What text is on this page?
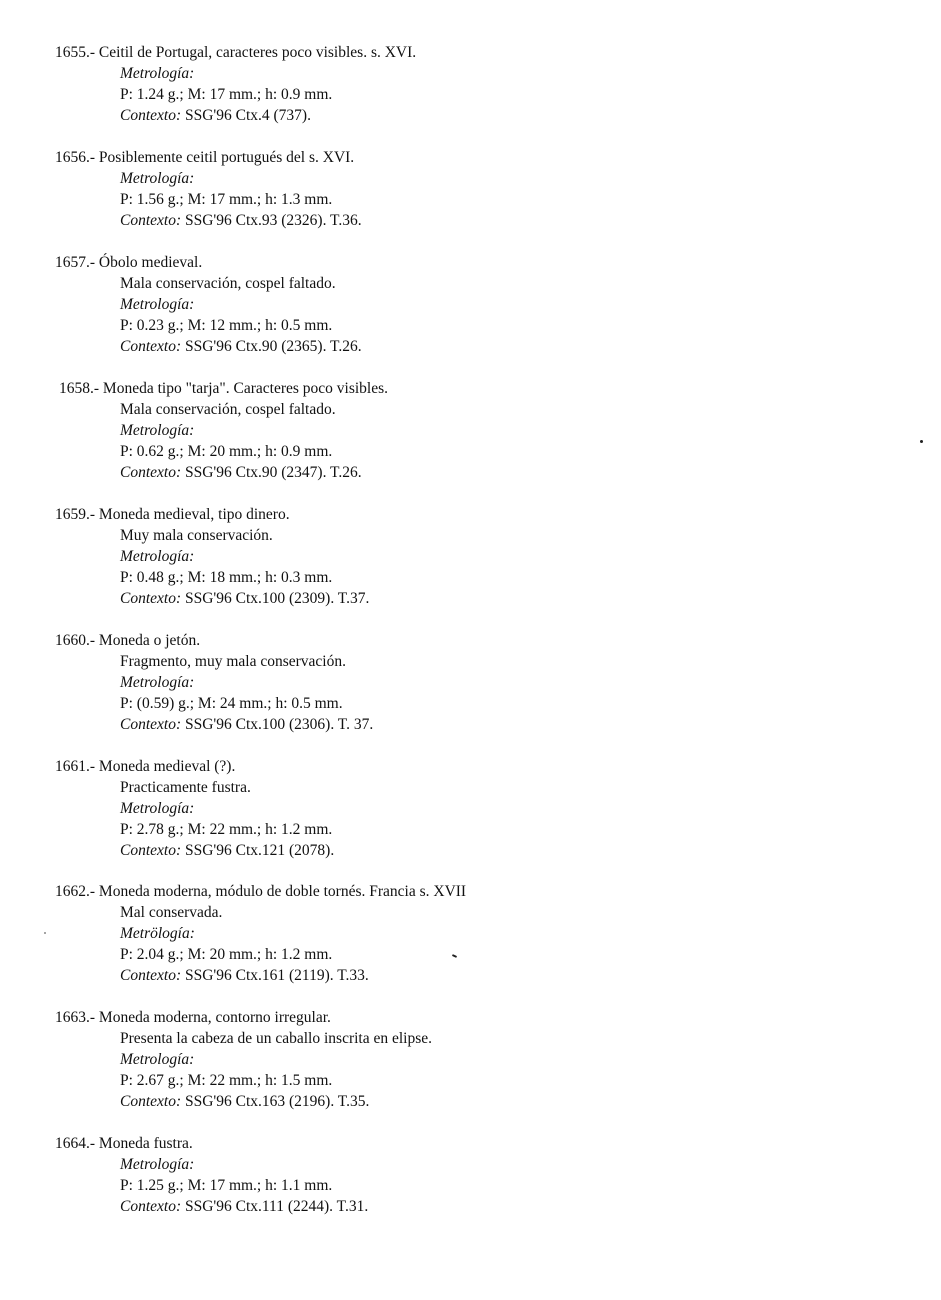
1655.- Ceitil de Portugal, caracteres poco visibles. s. XVI.
Metrología:
P: 1.24 g.; M: 17 mm.; h: 0.9 mm.
Contexto: SSG'96 Ctx.4 (737).
1656.- Posiblemente ceitil portugués del s. XVI.
Metrología:
P: 1.56 g.; M: 17 mm.; h: 1.3 mm.
Contexto: SSG'96 Ctx.93 (2326). T.36.
1657.- Óbolo medieval.
Mala conservación, cospel faltado.
Metrología:
P: 0.23 g.; M: 12 mm.; h: 0.5 mm.
Contexto: SSG'96 Ctx.90 (2365). T.26.
1658.- Moneda tipo "tarja". Caracteres poco visibles.
Mala conservación, cospel faltado.
Metrología:
P: 0.62 g.; M: 20 mm.; h: 0.9 mm.
Contexto: SSG'96 Ctx.90 (2347). T.26.
1659.- Moneda medieval, tipo dinero.
Muy mala conservación.
Metrología:
P: 0.48 g.; M: 18 mm.; h: 0.3 mm.
Contexto: SSG'96 Ctx.100 (2309). T.37.
1660.- Moneda o jetón.
Fragmento, muy mala conservación.
Metrología:
P: (0.59) g.; M: 24 mm.; h: 0.5 mm.
Contexto: SSG'96 Ctx.100 (2306). T. 37.
1661.- Moneda medieval (?).
Practicamente fustra.
Metrología:
P: 2.78 g.; M: 22 mm.; h: 1.2 mm.
Contexto: SSG'96 Ctx.121 (2078).
1662.- Moneda moderna, módulo de doble tornés. Francia s. XVII
Mal conservada.
Metrölogía:
P: 2.04 g.; M: 20 mm.; h: 1.2 mm.
Contexto: SSG'96 Ctx.161 (2119). T.33.
1663.- Moneda moderna, contorno irregular.
Presenta la cabeza de un caballo inscrita en elipse.
Metrología:
P: 2.67 g.; M: 22 mm.; h: 1.5 mm.
Contexto: SSG'96 Ctx.163 (2196). T.35.
1664.- Moneda fustra.
Metrología:
P: 1.25 g.; M: 17 mm.; h: 1.1 mm.
Contexto: SSG'96 Ctx.111 (2244). T.31.
